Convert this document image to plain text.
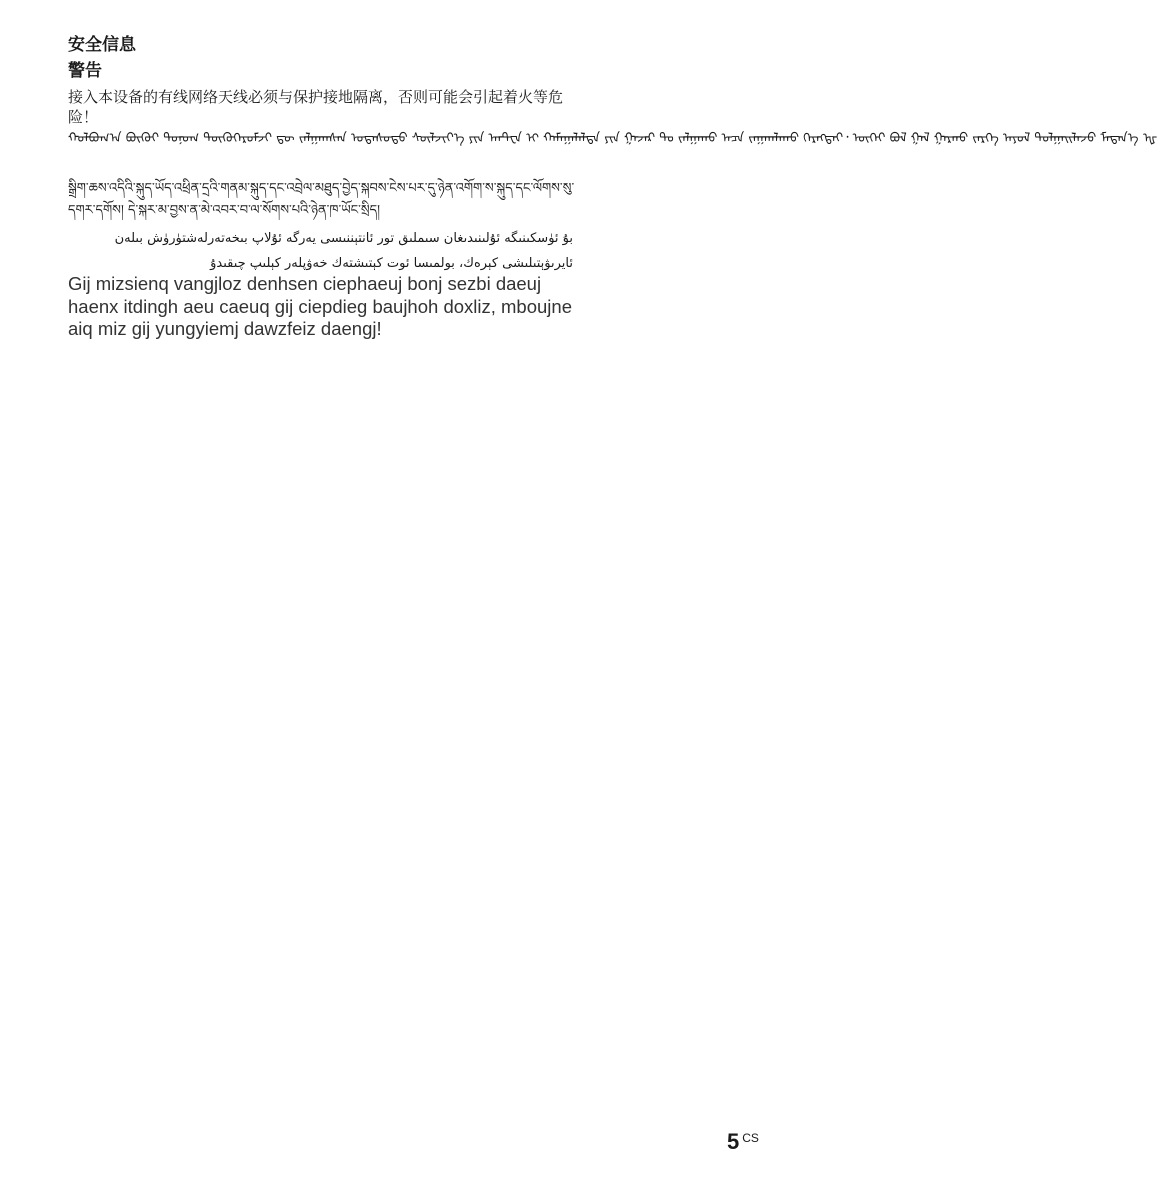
安全信息
警告
接入本设备的有线网络天线必须与保护接地隔离，否则可能会引起着火等危险！
ᠬᠣᠯᠪᠣᠭ᠎ᠠ ᠪᠦᠬᠦᠢ ᠲᠣᠨᠣᠭ ᠲᠥᠬᠥᠭᠡᠷᠦᠮᠵᠢ ᠳᠦ ᠵᠠᠯᠭᠠᠭᠰᠠᠨ ᠤᠲᠠᠰᠤᠲᠤ ᠰᠦᠯᠵᠢᠶ᠎ᠡ ᠶᠢᠨ ᠠᠨᠲ᠋ᠧᠨ ᠢ ᠬᠠᠮᠠᠭᠠᠯᠠᠯᠲᠠ ᠶᠢᠨ ᠭᠠᠵᠠᠷ ᠲᠤ ᠵᠠᠯᠭᠠᠬᠤ ᠠᠴᠠ ᠵᠠᠭᠠᠭᠯᠠᠬᠤ ᠬᠡᠷᠡᠭᠲᠡᠢ᠂ ᠦᠭᠡᠶ ᠪᠣᠯ ᠭᠠᠯ ᠭᠠᠷᠬᠤ ᠵᠡᠷᠭᠡ ᠠᠶᠤᠯ ᠲᠣᠯᠭᠠᠢᠯᠠᠵᠤ ᠮᠡᠳᠡᠨ᠎ᠡ ᠾ
སྒྲིག་ཆས་འདིའི་སྐུད་ཡོད་འཕྲིན་དྲའི་གནམ་སྐུད་དང་འབྲེལ་མཐུད་བྱེད་སྐབས་ངེས་པར་དུ་ཉེན་འགོག་ས་སྐུད་དང་ལོགས་སུ་དགར་དགོས། དེ་སྐར་མ་བྱས་ན་མེ་འབར་བ་ལ་སོགས་པའི་ཉེན་ཁ་ཡོང་སྲིད།
بۇ ئۈسكىنىگە ئۇلىنىدىغان سىملىق تور ئانتېننىسى يەرگە ئۇلاپ بىخەتەرلەشتۈرۈش بىلەن ئايرىۋېتىلىشى كېرەك، بولمىسا ئوت كېتىشتەك خەۋپلەر كېلىپ چىقىدۇ
Gij mizsienq vangjloz denhsen ciephaeuj bonj sezbi daeuj haenx itdingh aeu caeuq gij ciepdieg baujhoh doxliz, mboujne aiq miz gij yungyiemj dawzfeiz daengj!
5 $^{CS}$
